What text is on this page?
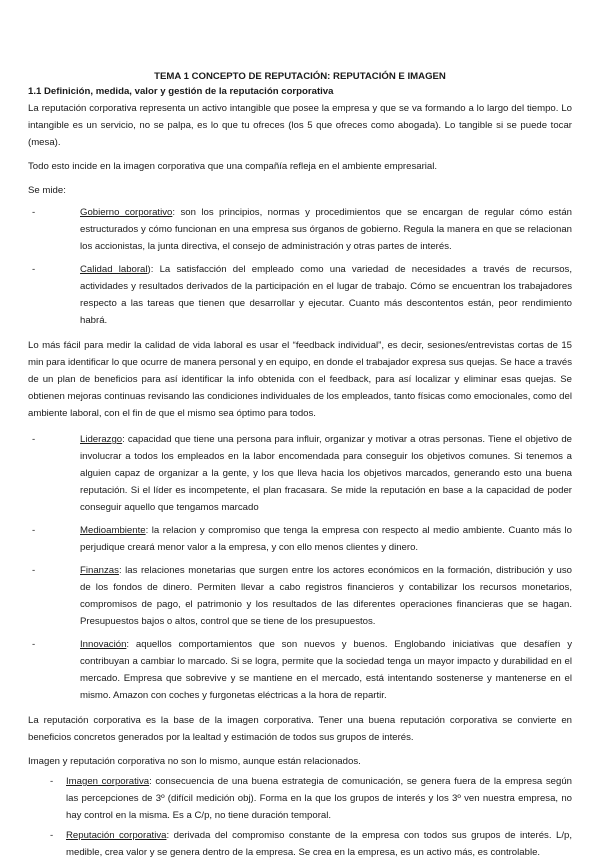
TEMA 1 CONCEPTO DE REPUTACIÓN: REPUTACIÓN E IMAGEN
1.1 Definición, medida, valor y gestión de la reputación corporativa

La reputación corporativa representa un activo intangible que posee la empresa y que se va formando a lo largo del tiempo. Lo intangible es un servicio, no se palpa, es lo que tu ofreces (los 5 que ofreces como abogada). Lo tangible si se puede tocar (mesa).

Todo esto incide en la imagen corporativa que una compañía refleja en el ambiente empresarial.

Se mide:

-	Gobierno corporativo: son los principios, normas y procedimientos que se encargan de regular cómo están estructurados y cómo funcionan en una empresa sus órganos de gobierno. Regula la manera en que se relacionan los accionistas, la junta directiva, el consejo de administración y otras partes de interés.
-	Calidad laboral): La satisfacción del empleado como una variedad de necesidades a través de recursos, actividades y resultados derivados de la participación en el lugar de trabajo. Cómo se encuentran los trabajadores respecto a las tareas que tienen que desarrollar y ejecutar. Cuanto más descontentos están, peor rendimiento habrá.

Lo más fácil para medir la calidad de vida laboral es usar el “feedback individual”, es decir, sesiones/entrevistas cortas de 15 min para identificar lo que ocurre de manera personal y en equipo, en donde el trabajador expresa sus quejas. Se hace a través de un plan de beneficios para así identificar la info obtenida con el feedback, para así localizar y eliminar esas quejas. Se obtienen mejoras continuas revisando las condiciones individuales de los empleados, tanto físicas como emocionales, como del ambiente laboral, con el fin de que el mismo sea óptimo para todos.

-	Liderazgo: capacidad que tiene una persona para influir, organizar y motivar a otras personas. Tiene el objetivo de involucrar a todos los empleados en la labor encomendada para conseguir los objetivos comunes. Si tenemos a alguien capaz de organizar a la gente, y los que lleva hacia los objetivos marcados, generando esto una buena reputación. Si el líder es incompetente, el plan fracasara. Se mide la reputación en base a la capacidad de poder conseguir aquello que tengamos marcado
-	Medioambiente: la relacion y compromiso que tenga la empresa con respecto al medio ambiente. Cuanto más lo perjudique creará menor valor a la empresa, y con ello menos clientes y dinero.
-	Finanzas: las relaciones monetarias que surgen entre los actores económicos en la formación, distribución y uso de los fondos de dinero. Permiten llevar a cabo registros financieros y contabilizar los recursos monetarios, compromisos de pago, el patrimonio y los resultados de las diferentes operaciones financieras que se hagan. Presupuestos bajos o altos, control que se tiene de los presupuestos.
-	Innovación: aquellos comportamientos que son nuevos y buenos. Englobando iniciativas que desafíen y contribuyan a cambiar lo marcado. Si se logra, permite que la sociedad tenga un mayor impacto y durabilidad en el mercado. Empresa que sobrevive y se mantiene en el mercado, está intentando sostenerse y mantenerse en el mismo. Amazon con coches y furgonetas eléctricas a la hora de repartir.

La reputación corporativa es la base de la imagen corporativa. Tener una buena reputación corporativa se convierte en beneficios concretos generados por la lealtad y estimación de todos sus grupos de interés.

Imagen y reputación corporativa no son lo mismo, aunque están relacionados.

-	Imagen corporativa: consecuencia de una buena estrategia de comunicación, se genera fuera de la empresa según las percepciones de 3º (difícil medición obj). Forma en la que los grupos de interés y los 3º ven nuestra empresa, no hay control en la misma. Es a C/p, no tiene duración temporal.
-	Reputación corporativa: derivada del compromiso constante de la empresa con todos sus grupos de interés. L/p, medible, crea valor y se genera dentro de la empresa. Se crea en la empresa, es un activo más, es controlable.
